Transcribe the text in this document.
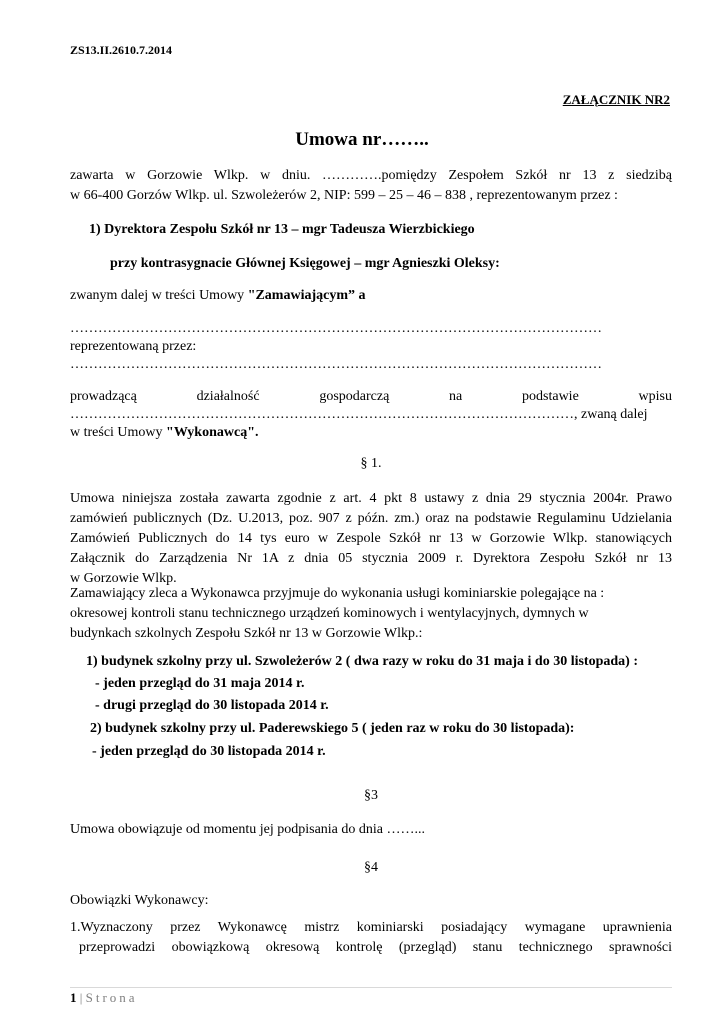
ZS13.II.2610.7.2014
ZAŁĄCZNIK NR2
Umowa nr……..
zawarta w Gorzowie Wlkp. w dniu. ………….pomiędzy Zespołem Szkół nr 13 z siedzibą
w 66-400 Gorzów Wlkp. ul. Szwoleżerów 2, NIP: 599 – 25 – 46 – 838 , reprezentowanym przez :
1) Dyrektora Zespołu Szkół nr 13 – mgr Tadeusza Wierzbickiego
przy kontrasygnacie Głównej Księgowej – mgr Agnieszki Oleksy:
zwanym dalej w treści Umowy "Zamawiającym” a
……………………………………………………………………………………………………
reprezentowaną przez:
……………………………………………………………………………………………………
prowadzącą	działalność	gospodarczą	na	podstawie	wpisu
………………………………………………………………………………………………, zwaną dalej
w treści Umowy "Wykonawcą".
§ 1.
Umowa niniejsza została zawarta zgodnie z art. 4 pkt 8 ustawy z dnia 29 stycznia 2004r. Prawo
zamówień publicznych (Dz. U.2013, poz. 907 z późn. zm.) oraz na podstawie Regulaminu Udzielania
Zamówień Publicznych do 14 tys euro w Zespole Szkół nr 13 w Gorzowie Wlkp. stanowiących
Załącznik do Zarządzenia Nr 1A z dnia 05 stycznia 2009 r. Dyrektora Zespołu Szkół nr 13
w Gorzowie Wlkp.
Zamawiający zleca a Wykonawca przyjmuje do wykonania usługi kominiarskie polegające na :
okresowej kontroli stanu technicznego urządzeń kominowych i wentylacyjnych, dymnych w
budynkach szkolnych Zespołu Szkół nr 13 w Gorzowie Wlkp.:
1) budynek szkolny przy ul. Szwoleżerów 2 ( dwa razy w roku do 31 maja i do 30 listopada) :
- jeden przegląd do 31 maja 2014 r.
- drugi przegląd do 30 listopada 2014 r.
2) budynek szkolny przy ul. Paderewskiego 5 ( jeden raz w roku do 30 listopada):
- jeden przegląd do 30 listopada 2014 r.
§3
Umowa obowiązuje od momentu jej podpisania do dnia ……...
§4
Obowiązki Wykonawcy:
1.Wyznaczony przez Wykonawcę mistrz kominiarski posiadający wymagane uprawnienia
przeprowadzi obowiązkową okresową kontrolę (przegląd) stanu technicznego sprawności
1 | Strona
